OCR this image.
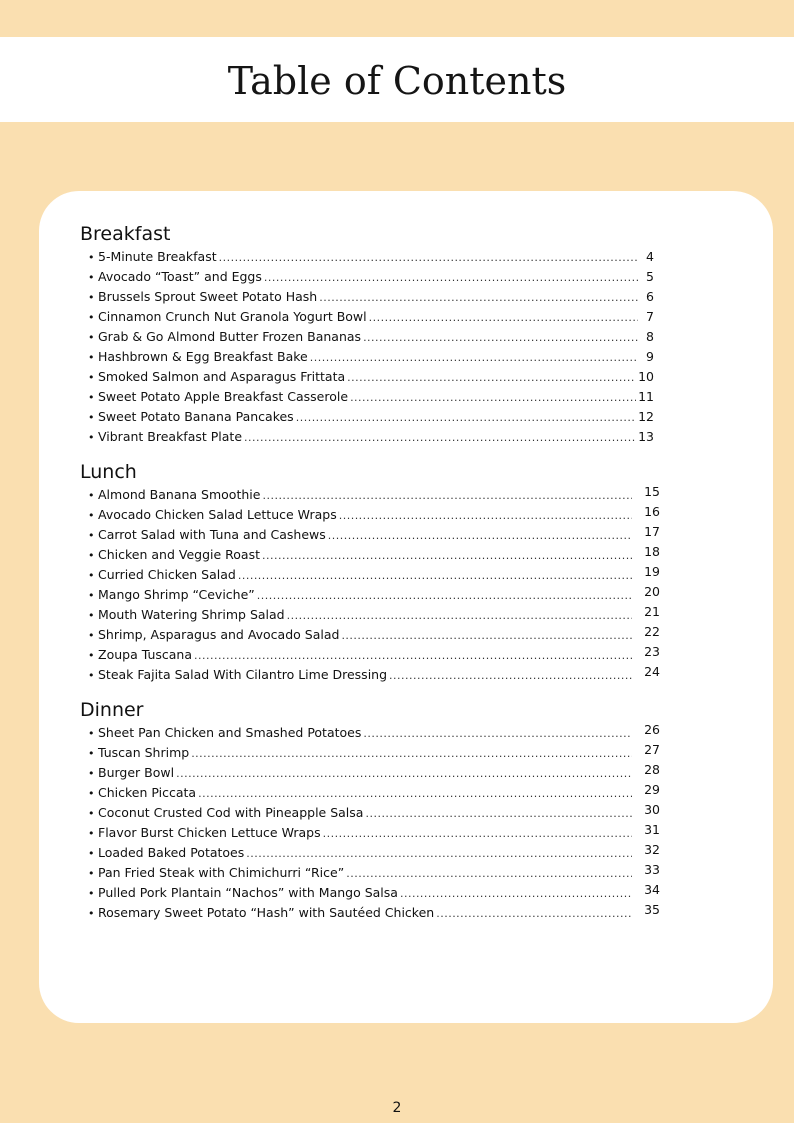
Table of Contents
Breakfast
• 5-Minute Breakfast .....	4
• Avocado “Toast” and Eggs .....	5
• Brussels Sprout Sweet Potato Hash .....	6
• Cinnamon Crunch Nut Granola Yogurt Bowl .....	7
• Grab & Go Almond Butter Frozen Bananas .....	8
• Hashbrown & Egg Breakfast Bake .....	9
• Smoked Salmon and Asparagus Frittata .....	10
• Sweet Potato Apple Breakfast Casserole .....	11
• Sweet Potato Banana Pancakes .....	12
• Vibrant Breakfast Plate .....	13
Lunch
• Almond Banana Smoothie .....	15
• Avocado Chicken Salad Lettuce Wraps .....	16
• Carrot Salad with Tuna and Cashews .....	17
• Chicken and Veggie Roast .....	18
• Curried Chicken Salad .....	19
• Mango Shrimp “Ceviche” .....	20
• Mouth Watering Shrimp Salad .....	21
• Shrimp, Asparagus and Avocado Salad .....	22
• Zoupa Tuscana .....	23
• Steak Fajita Salad With Cilantro Lime Dressing .....	24
Dinner
• Sheet Pan Chicken and Smashed Potatoes .....	26
• Tuscan Shrimp .....	27
• Burger Bowl .....	28
• Chicken Piccata .....	29
• Coconut Crusted Cod with Pineapple Salsa .....	30
• Flavor Burst Chicken Lettuce Wraps .....	31
• Loaded Baked Potatoes .....	32
• Pan Fried Steak with Chimichurri “Rice” .....	33
• Pulled Pork Plantain “Nachos” with Mango Salsa .....	34
• Rosemary Sweet Potato “Hash” with Sautéed Chicken .....	35
2
